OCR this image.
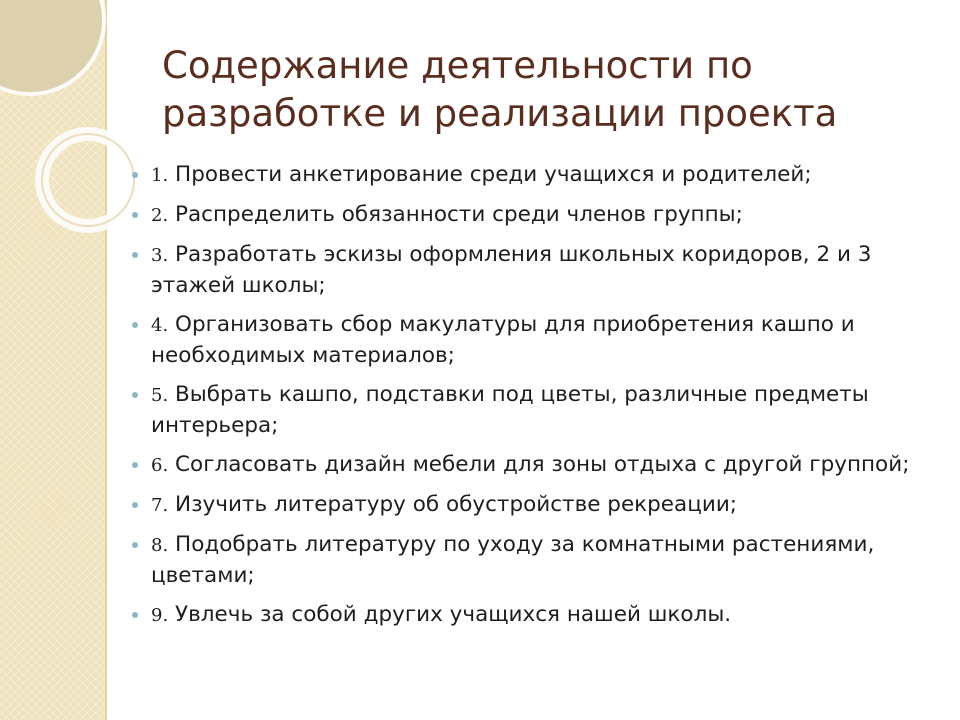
Содержание деятельности по разработке и реализации проекта
1. Провести анкетирование среди учащихся и родителей;
2. Распределить обязанности среди членов группы;
3. Разработать эскизы оформления школьных коридоров, 2 и 3 этажей школы;
4. Организовать сбор макулатуры для приобретения кашпо и необходимых материалов;
5. Выбрать кашпо, подставки под цветы, различные предметы интерьера;
6. Согласовать дизайн мебели для зоны отдыха с другой группой;
7. Изучить литературу об обустройстве рекреации;
8. Подобрать литературу по уходу за комнатными растениями, цветами;
9. Увлечь за собой других учащихся нашей школы.
